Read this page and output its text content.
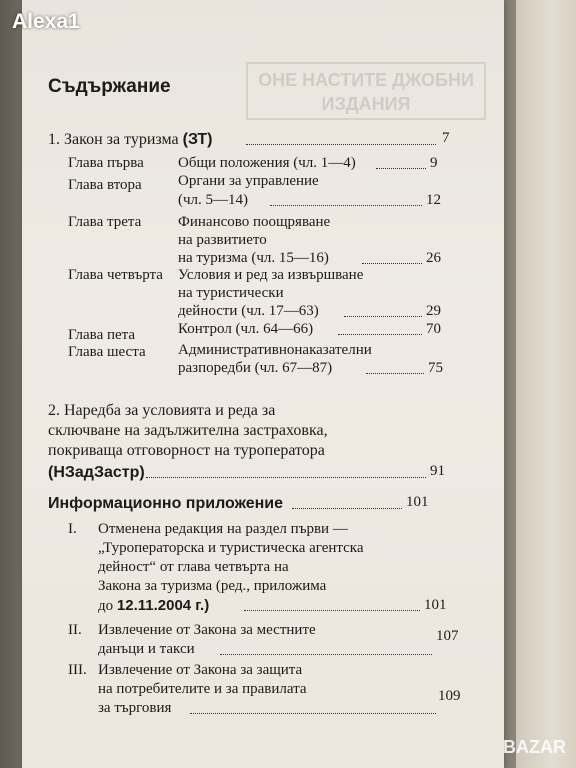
ОНЕ НАСТИТЕ ДЖОБНИ ИЗДАНИЯ
Съдържание
1. Закон за туризма (ЗТ)	7
Глава първа Общи положения (чл. 1—4)	9
Глава втора Органи за управление
(чл. 5—14)	12
Глава трета Финансово поощряване
на развитието
на туризма (чл. 15—16)	26
Глава четвърта Условия и ред за извършване
на туристически
дейности (чл. 17—63)	29
Глава пета	Контрол (чл. 64—66)	70
Глава шеста Административнонаказателни
разпоредби (чл. 67—87)	75
2. Наредба за условията и реда за
сключване на задължителна застраховка,
покриваща отговорност на туроператора
(НЗадЗастр)	91
Информационно приложение	101
I. Отменена редакция на раздел първи —
„Туроператорска и туристическа агентска
дейност“ от глава четвърта на
Закона за туризма (ред., приложима
до 12.11.2004 г.)	101
II. Извлечение от Закона за местните
данъци и такси
107
III. Извлечение от Закона за защита
на потребителите и за правилата
за търговия
109
Alexa1
BAZAR
